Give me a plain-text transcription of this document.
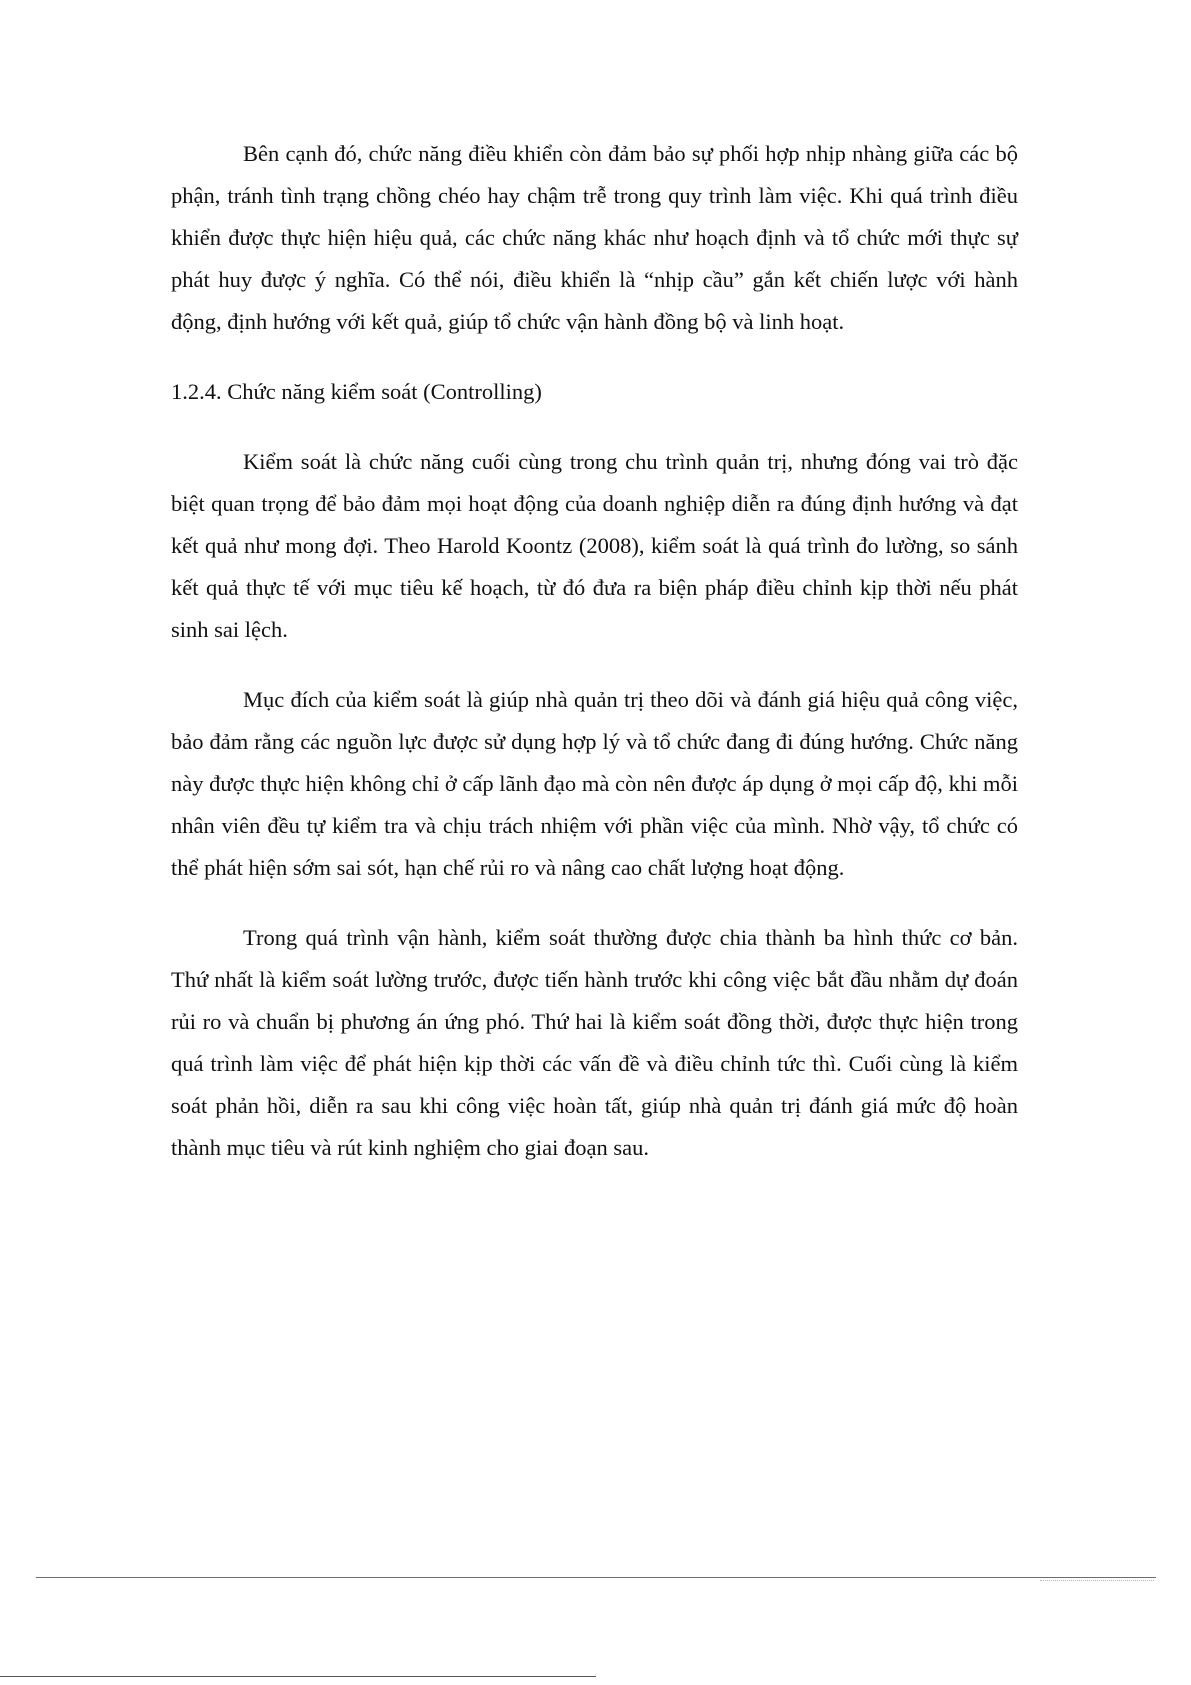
Bên cạnh đó, chức năng điều khiển còn đảm bảo sự phối hợp nhịp nhàng giữa các bộ phận, tránh tình trạng chồng chéo hay chậm trễ trong quy trình làm việc. Khi quá trình điều khiển được thực hiện hiệu quả, các chức năng khác như hoạch định và tổ chức mới thực sự phát huy được ý nghĩa. Có thể nói, điều khiển là “nhịp cầu” gắn kết chiến lược với hành động, định hướng với kết quả, giúp tổ chức vận hành đồng bộ và linh hoạt.

1.2.4. Chức năng kiểm soát (Controlling)

Kiểm soát là chức năng cuối cùng trong chu trình quản trị, nhưng đóng vai trò đặc biệt quan trọng để bảo đảm mọi hoạt động của doanh nghiệp diễn ra đúng định hướng và đạt kết quả như mong đợi. Theo Harold Koontz (2008), kiểm soát là quá trình đo lường, so sánh kết quả thực tế với mục tiêu kế hoạch, từ đó đưa ra biện pháp điều chỉnh kịp thời nếu phát sinh sai lệch.

Mục đích của kiểm soát là giúp nhà quản trị theo dõi và đánh giá hiệu quả công việc, bảo đảm rằng các nguồn lực được sử dụng hợp lý và tổ chức đang đi đúng hướng. Chức năng này được thực hiện không chỉ ở cấp lãnh đạo mà còn nên được áp dụng ở mọi cấp độ, khi mỗi nhân viên đều tự kiểm tra và chịu trách nhiệm với phần việc của mình. Nhờ vậy, tổ chức có thể phát hiện sớm sai sót, hạn chế rủi ro và nâng cao chất lượng hoạt động.

Trong quá trình vận hành, kiểm soát thường được chia thành ba hình thức cơ bản. Thứ nhất là kiểm soát lường trước, được tiến hành trước khi công việc bắt đầu nhằm dự đoán rủi ro và chuẩn bị phương án ứng phó. Thứ hai là kiểm soát đồng thời, được thực hiện trong quá trình làm việc để phát hiện kịp thời các vấn đề và điều chỉnh tức thì. Cuối cùng là kiểm soát phản hồi, diễn ra sau khi công việc hoàn tất, giúp nhà quản trị đánh giá mức độ hoàn thành mục tiêu và rút kinh nghiệm cho giai đoạn sau.
